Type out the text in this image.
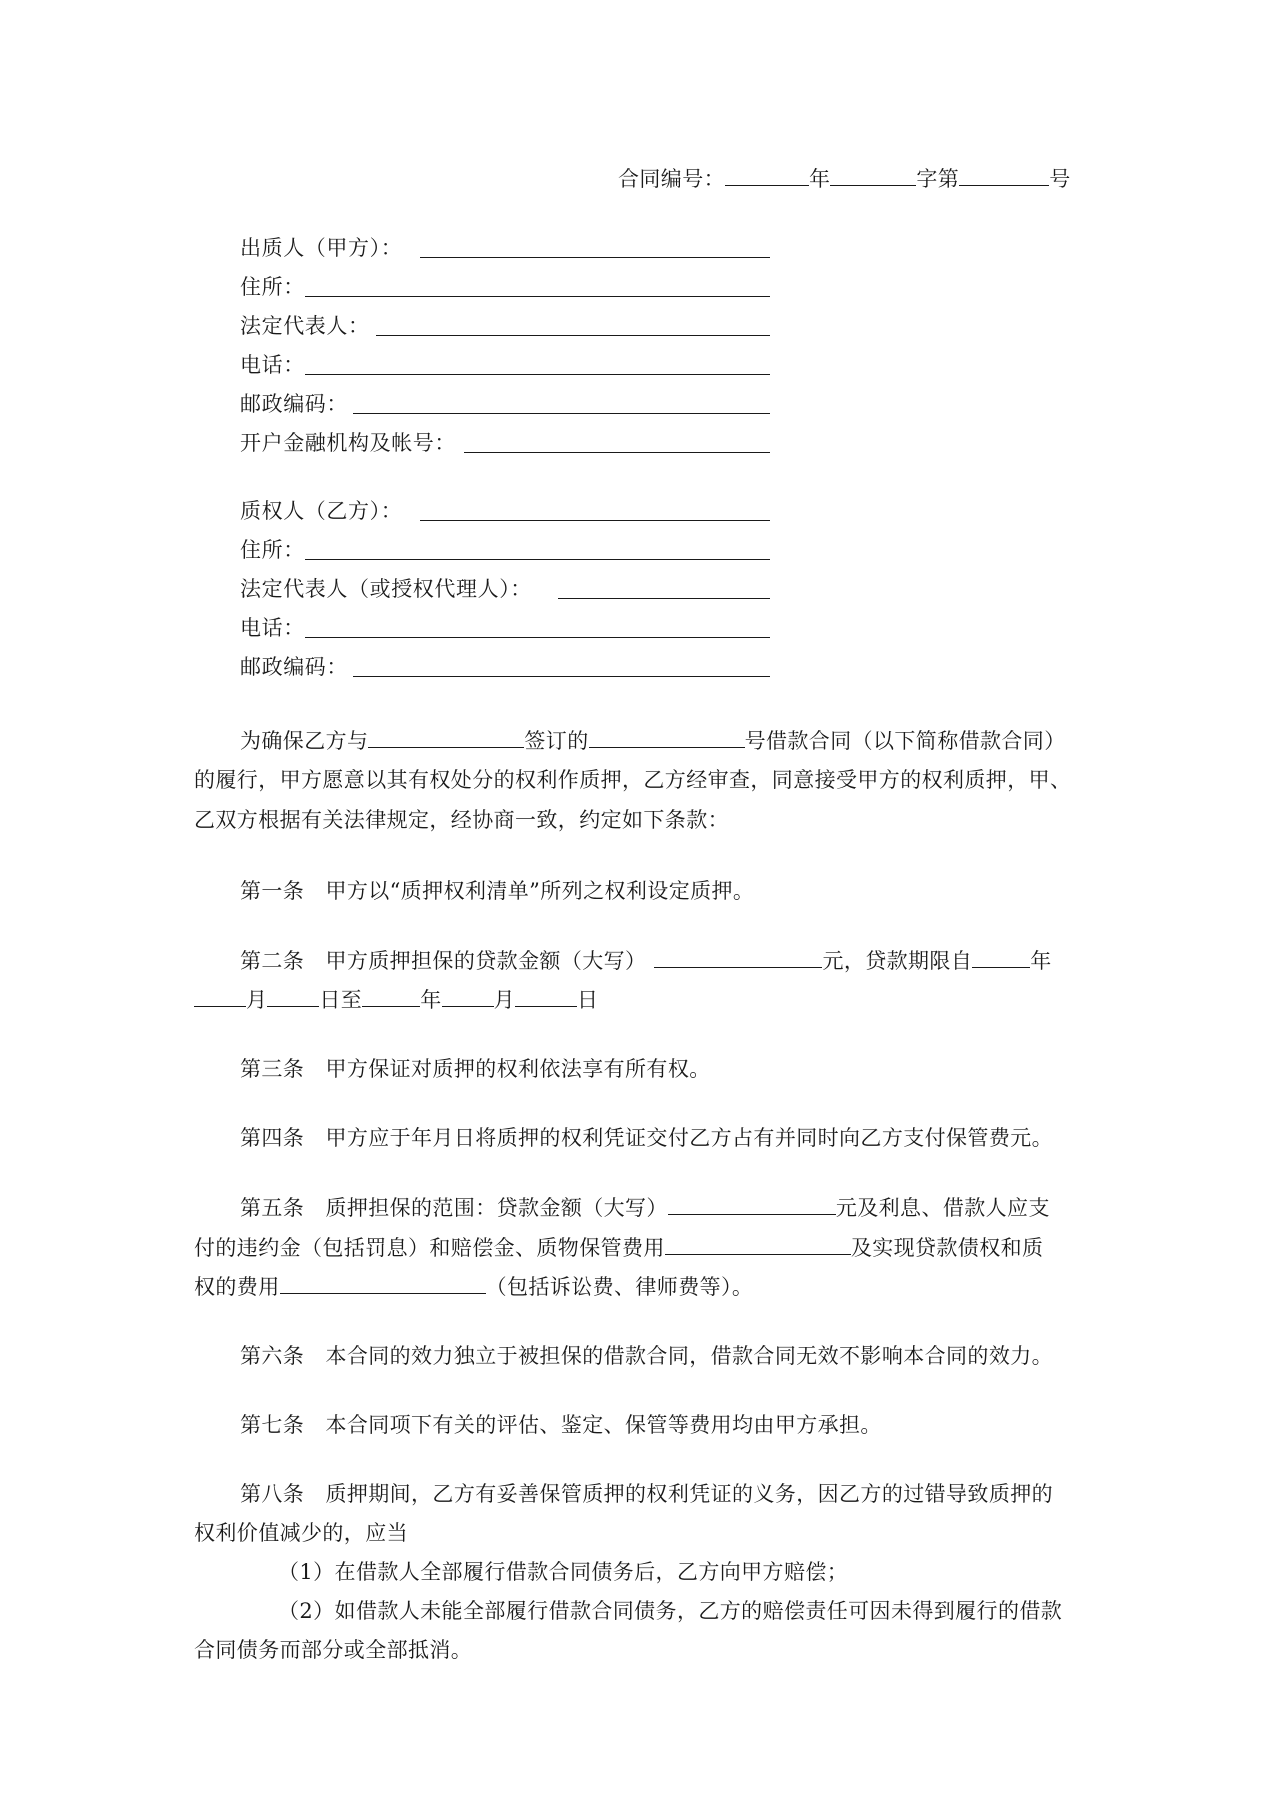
合同编号：	年	字第	号
出质人（甲方）：
住所：
法定代表人：
电话：
邮政编码：
开户金融机构及帐号：
质权人（乙方）：
住所：
法定代表人（或授权代理人）：
电话：
邮政编码：
为确保乙方与	签订的	号借款合同（以下简称借款合同）
的履行，甲方愿意以其有权处分的权利作质押，乙方经审查，同意接受甲方的权利质押，甲、
乙双方根据有关法律规定，经协商一致，约定如下条款：
第一条 甲方以“质押权利清单”所列之权利设定质押。
第二条 甲方质押担保的贷款金额（大写）	元，贷款期限自	年
月 日至	年 月	日
第三条 甲方保证对质押的权利依法享有所有权。
第四条 甲方应于年月日将质押的权利凭证交付乙方占有并同时向乙方支付保管费元。
第五条 质押担保的范围：贷款金额（大写）	元及利息、借款人应支
付的违约金（包括罚息）和赔偿金、质物保管费用	及实现贷款债权和质
权的费用	（包括诉讼费、律师费等）。
第六条 本合同的效力独立于被担保的借款合同，借款合同无效不影响本合同的效力。
第七条 本合同项下有关的评估、鉴定、保管等费用均由甲方承担。
第八条 质押期间，乙方有妥善保管质押的权利凭证的义务，因乙方的过错导致质押的
权利价值减少的，应当
（1）在借款人全部履行借款合同债务后，乙方向甲方赔偿；
（2）如借款人未能全部履行借款合同债务，乙方的赔偿责任可因未得到履行的借款
合同债务而部分或全部抵消。
